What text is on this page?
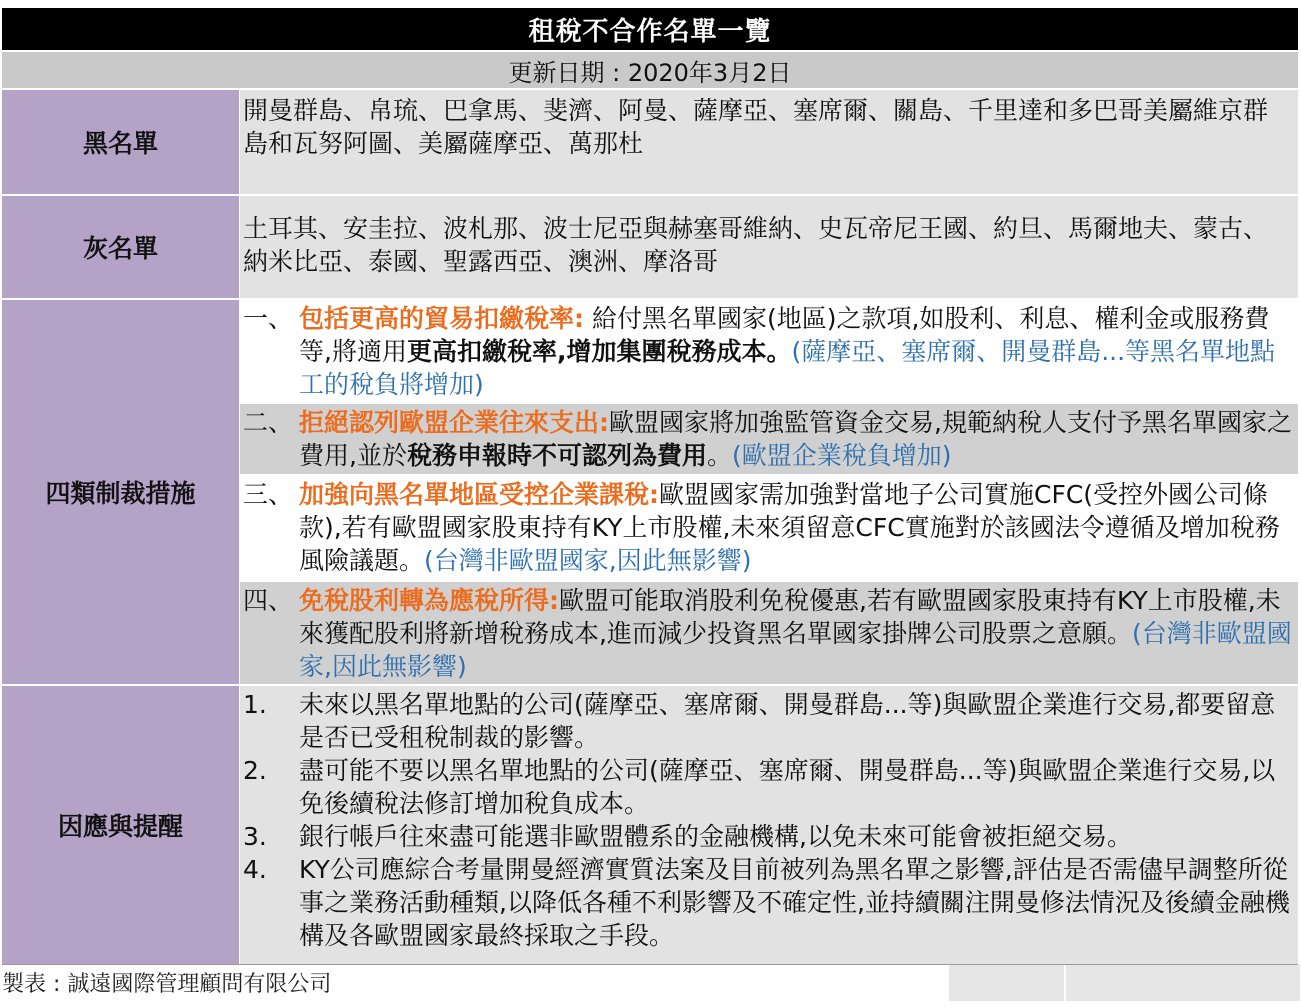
租稅不合作名單一覽
更新日期 : 2020年3月2日
黑名單
開曼群島、帛琉、巴拿馬、斐濟、阿曼、薩摩亞、塞席爾、關島、千里達和多巴哥美屬維京群島和瓦努阿圖、美屬薩摩亞、萬那杜
灰名單
土耳其、安圭拉、波札那、波士尼亞與赫塞哥維納、史瓦帝尼王國、約旦、馬爾地夫、蒙古、納米比亞、泰國、聖露西亞、澳洲、摩洛哥
四類制裁措施
一、 包括更高的貿易扣繳稅率: 給付黑名單國家(地區)之款項,如股利、利息、權利金或服務費等,將適用更高扣繳稅率,增加集團稅務成本。(薩摩亞、塞席爾、開曼群島...等黑名單地點工的稅負將增加)
二、 拒絕認列歐盟企業往來支出:歐盟國家將加強監管資金交易,規範納稅人支付予黑名單國家之費用,並於稅務申報時不可認列為費用。(歐盟企業稅負增加)
三、 加強向黑名單地區受控企業課稅:歐盟國家需加強對當地子公司實施CFC(受控外國公司條款),若有歐盟國家股東持有KY上市股權,未來須留意CFC實施對於該國法令遵循及增加稅務風險議題。(台灣非歐盟國家,因此無影響)
四、 免稅股利轉為應稅所得:歐盟可能取消股利免稅優惠,若有歐盟國家股東持有KY上市股權,未來獲配股利將新增稅務成本,進而減少投資黑名單國家掛牌公司股票之意願。(台灣非歐盟國家,因此無影響)
因應與提醒
1. 未來以黑名單地點的公司(薩摩亞、塞席爾、開曼群島...等)與歐盟企業進行交易,都要留意是否已受租稅制裁的影響。
2. 盡可能不要以黑名單地點的公司(薩摩亞、塞席爾、開曼群島...等)與歐盟企業進行交易,以免後續稅法修訂增加稅負成本。
3. 銀行帳戶往來盡可能選非歐盟體系的金融機構,以免未來可能會被拒絕交易。
4. KY公司應綜合考量開曼經濟實質法案及目前被列為黑名單之影響,評估是否需儘早調整所從事之業務活動種類,以降低各種不利影響及不確定性,並持續關注開曼修法情況及後續金融機構及各歐盟國家最終採取之手段。
製表 : 誠遠國際管理顧問有限公司
